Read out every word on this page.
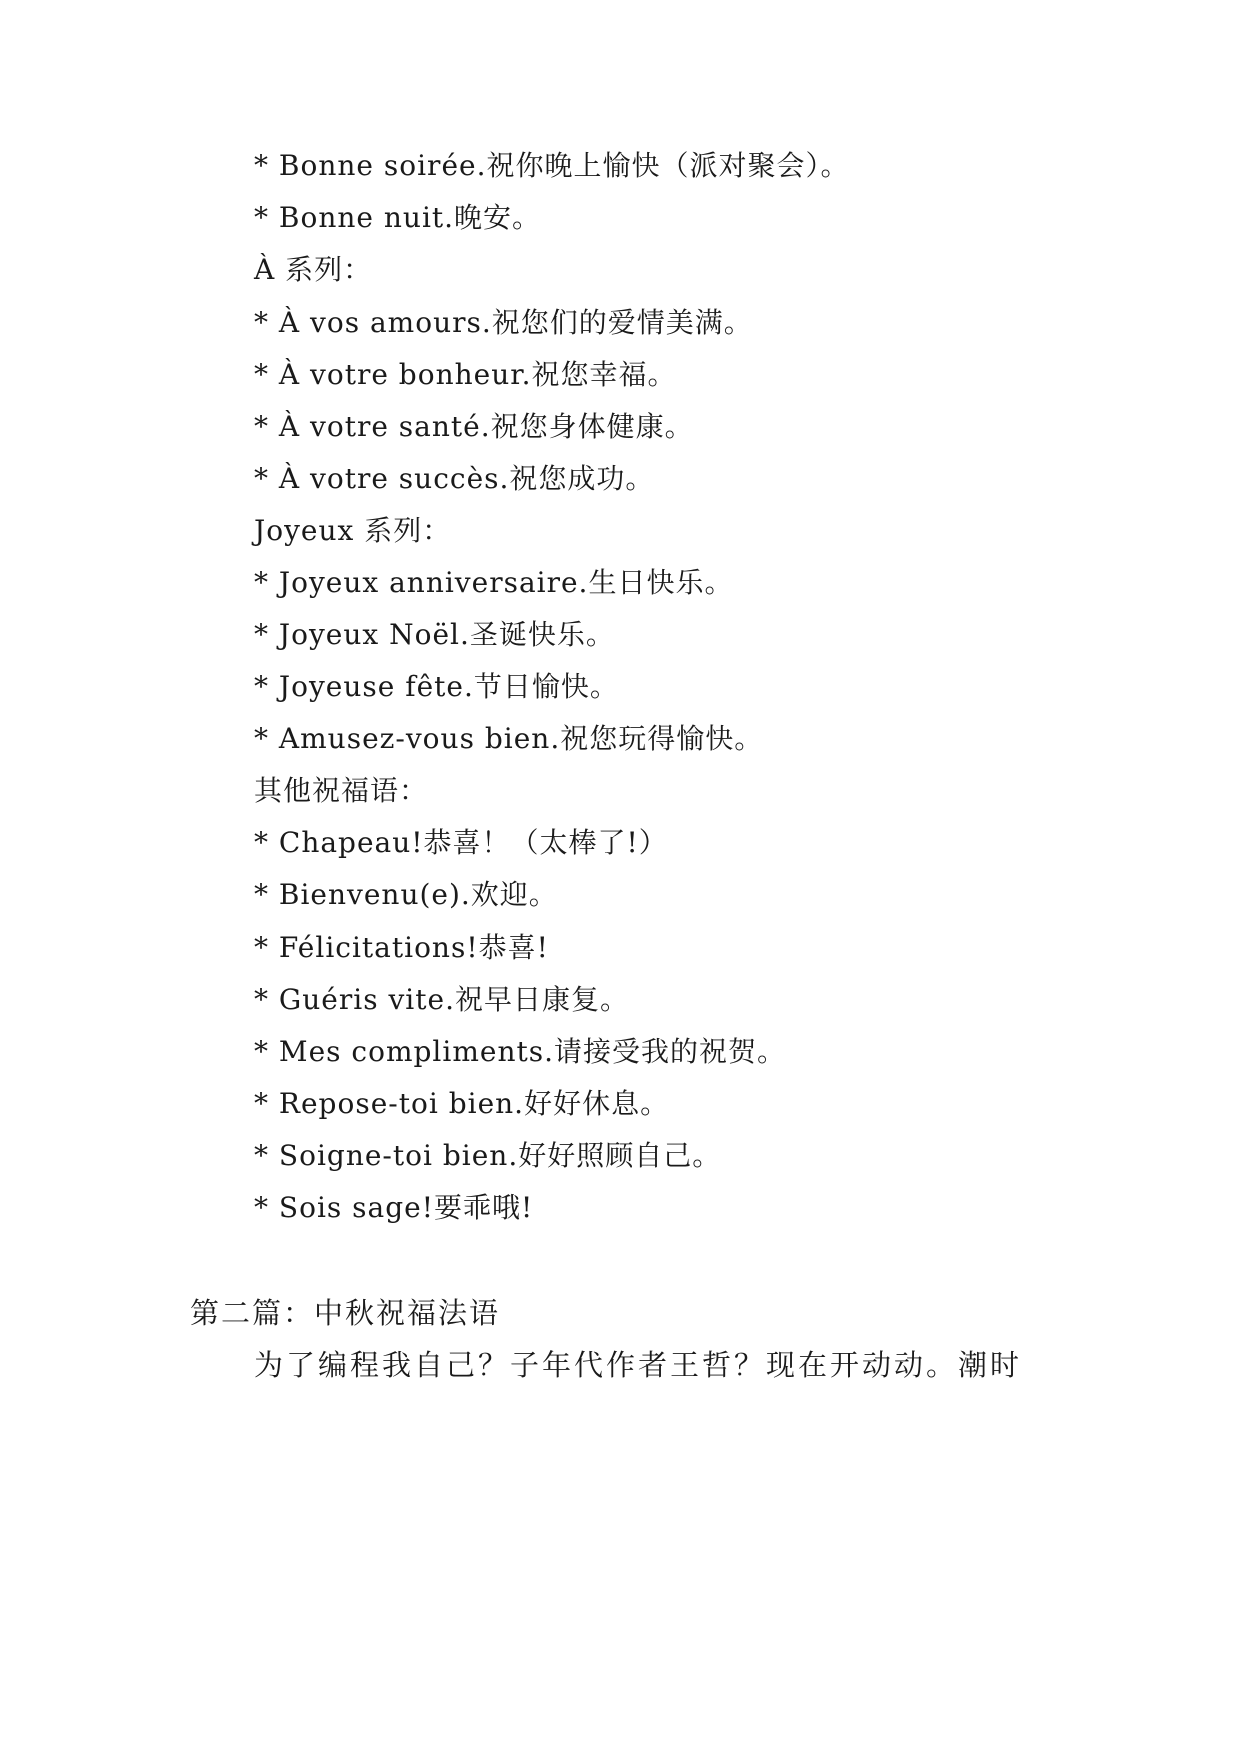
* Bonne soirée.祝你晚上愉快（派对聚会）。
* Bonne nuit.晚安。
À 系列：
* À vos amours.祝您们的爱情美满。
* À votre bonheur.祝您幸福。
* À votre santé.祝您身体健康。
* À votre succès.祝您成功。
Joyeux 系列：
* Joyeux anniversaire.生日快乐。
* Joyeux Noël.圣诞快乐。
* Joyeuse fête.节日愉快。
* Amusez-vous bien.祝您玩得愉快。
其他祝福语：
* Chapeau!恭喜！（太棒了!）
* Bienvenu(e).欢迎。
* Félicitations!恭喜!
* Guéris vite.祝早日康复。
* Mes compliments.请接受我的祝贺。
* Repose-toi bien.好好休息。
* Soigne-toi bien.好好照顾自己。
* Sois sage!要乖哦!
第二篇：中秋祝福法语
为了编程我自己？子年代作者王哲？现在开动动。潮时
